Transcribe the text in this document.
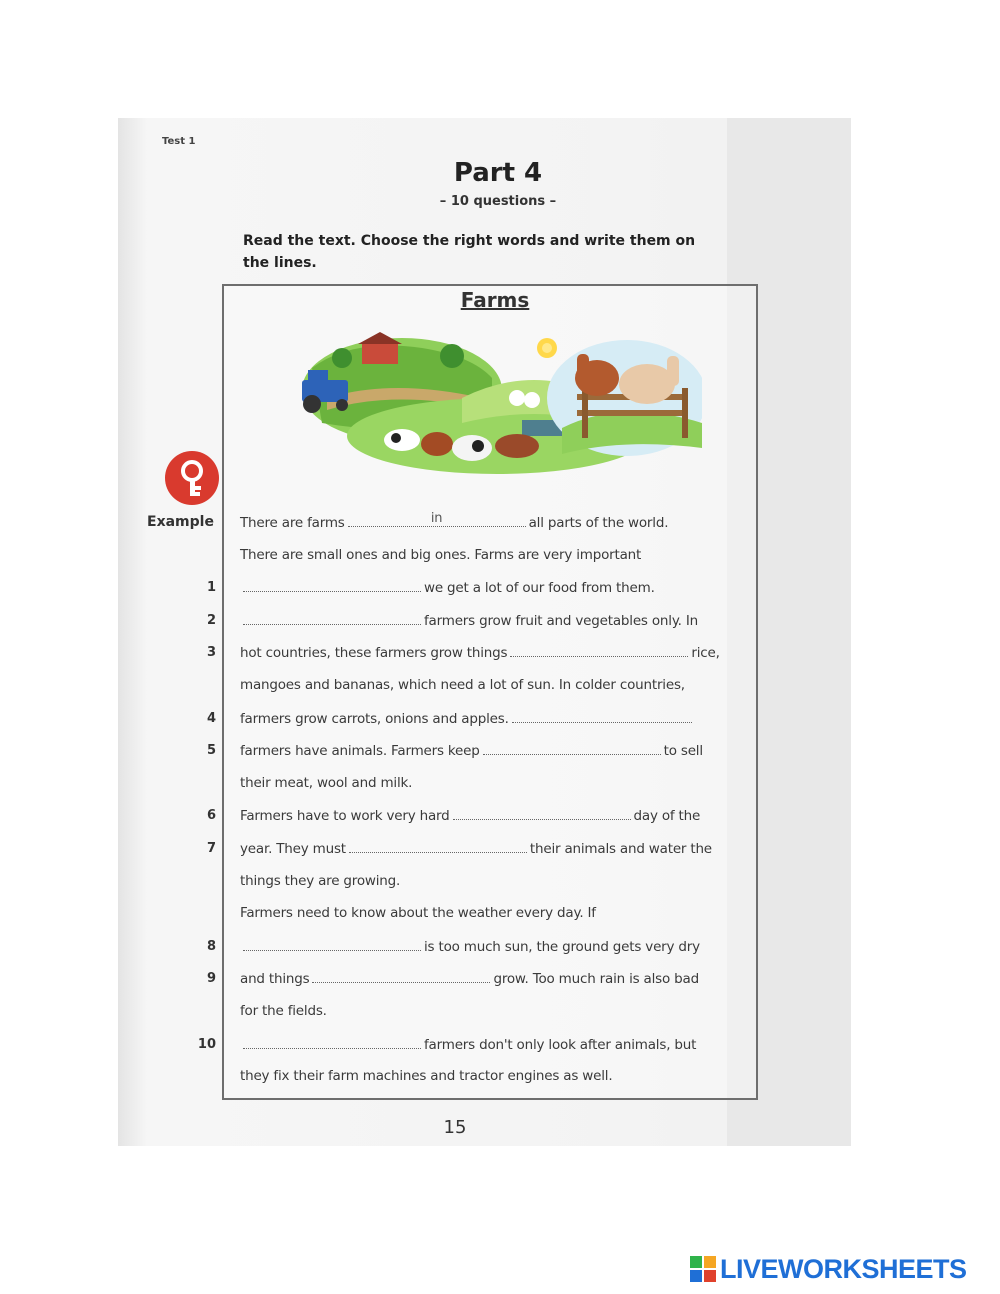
Test 1
Part 4
– 10 questions –
Read the text. Choose the right words and write them on the lines.
Farms
Example There are farms	in	all parts of the world.
There are small ones and big ones. Farms are very important
1	we get a lot of our food from them.
2	farmers grow fruit and vegetables only. In
3 hot countries, these farmers grow things	rice,
mangoes and bananas, which need a lot of sun. In colder countries,
4 farmers grow carrots, onions and apples.
5 farmers have animals. Farmers keep	to sell
their meat, wool and milk.
6 Farmers have to work very hard	day of the
7 year. They must	their animals and water the
things they are growing.
Farmers need to know about the weather every day. If
8	is too much sun, the ground gets very dry
9 and things	grow. Too much rain is also bad
for the fields.
10	farmers don't only look after animals, but
they fix their farm machines and tractor engines as well.
15
LIVEWORKSHEETS
